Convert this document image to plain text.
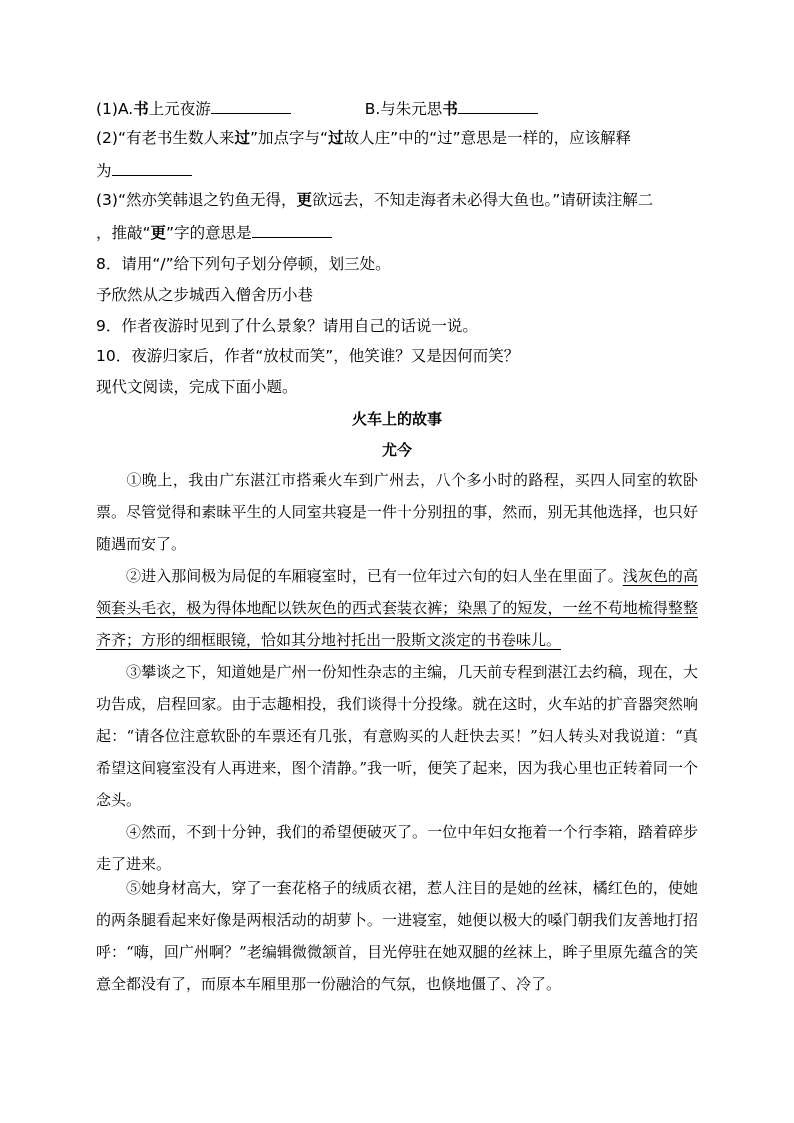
(1)A.书上元夜游	B.与朱元思书
(2)“有老书生数人来过”加点字与“过故人庄”中的“过”意思是一样的，应该解释
为
(3)“然亦笑韩退之钓鱼无得，更欲远去，不知走海者未必得大鱼也。”请研读注解二
，推敲“更”字的意思是
8．请用“/”给下列句子划分停顿，划三处。
予欣然从之步城西入僧舍历小巷
9．作者夜游时见到了什么景象？请用自己的话说一说。
10．夜游归家后，作者“放杖而笑”，他笑谁？又是因何而笑？
现代文阅读，完成下面小题。
火车上的故事
尤今
①晚上，我由广东湛江市搭乘火车到广州去，八个多小时的路程，买四人同室的软卧票。尽管觉得和素昧平生的人同室共寝是一件十分别扭的事，然而，别无其他选择，也只好随遇而安了。
②进入那间极为局促的车厢寝室时，已有一位年过六旬的妇人坐在里面了。浅灰色的高领套头毛衣，极为得体地配以铁灰色的西式套装衣裤；染黑了的短发，一丝不苟地梳得整整齐齐；方形的细框眼镜，恰如其分地衬托出一股斯文淡定的书卷味儿。
③攀谈之下，知道她是广州一份知性杂志的主编，几天前专程到湛江去约稿，现在，大功告成，启程回家。由于志趣相投，我们谈得十分投缘。就在这时，火车站的扩音器突然响起：“请各位注意软卧的车票还有几张，有意购买的人赶快去买！”妇人转头对我说道：“真希望这间寝室没有人再进来，图个清静。”我一听，便笑了起来，因为我心里也正转着同一个念头。
④然而，不到十分钟，我们的希望便破灭了。一位中年妇女拖着一个行李箱，踏着碎步走了进来。
⑤她身材高大，穿了一套花格子的绒质衣裙，惹人注目的是她的丝袜，橘红色的，使她的两条腿看起来好像是两根活动的胡萝卜。一进寝室，她便以极大的嗓门朝我们友善地打招呼：“嗨，回广州啊？”老编辑微微颔首，目光停驻在她双腿的丝袜上，眸子里原先蕴含的笑意全都没有了，而原本车厢里那一份融洽的气氛，也倏地僵了、冷了。
